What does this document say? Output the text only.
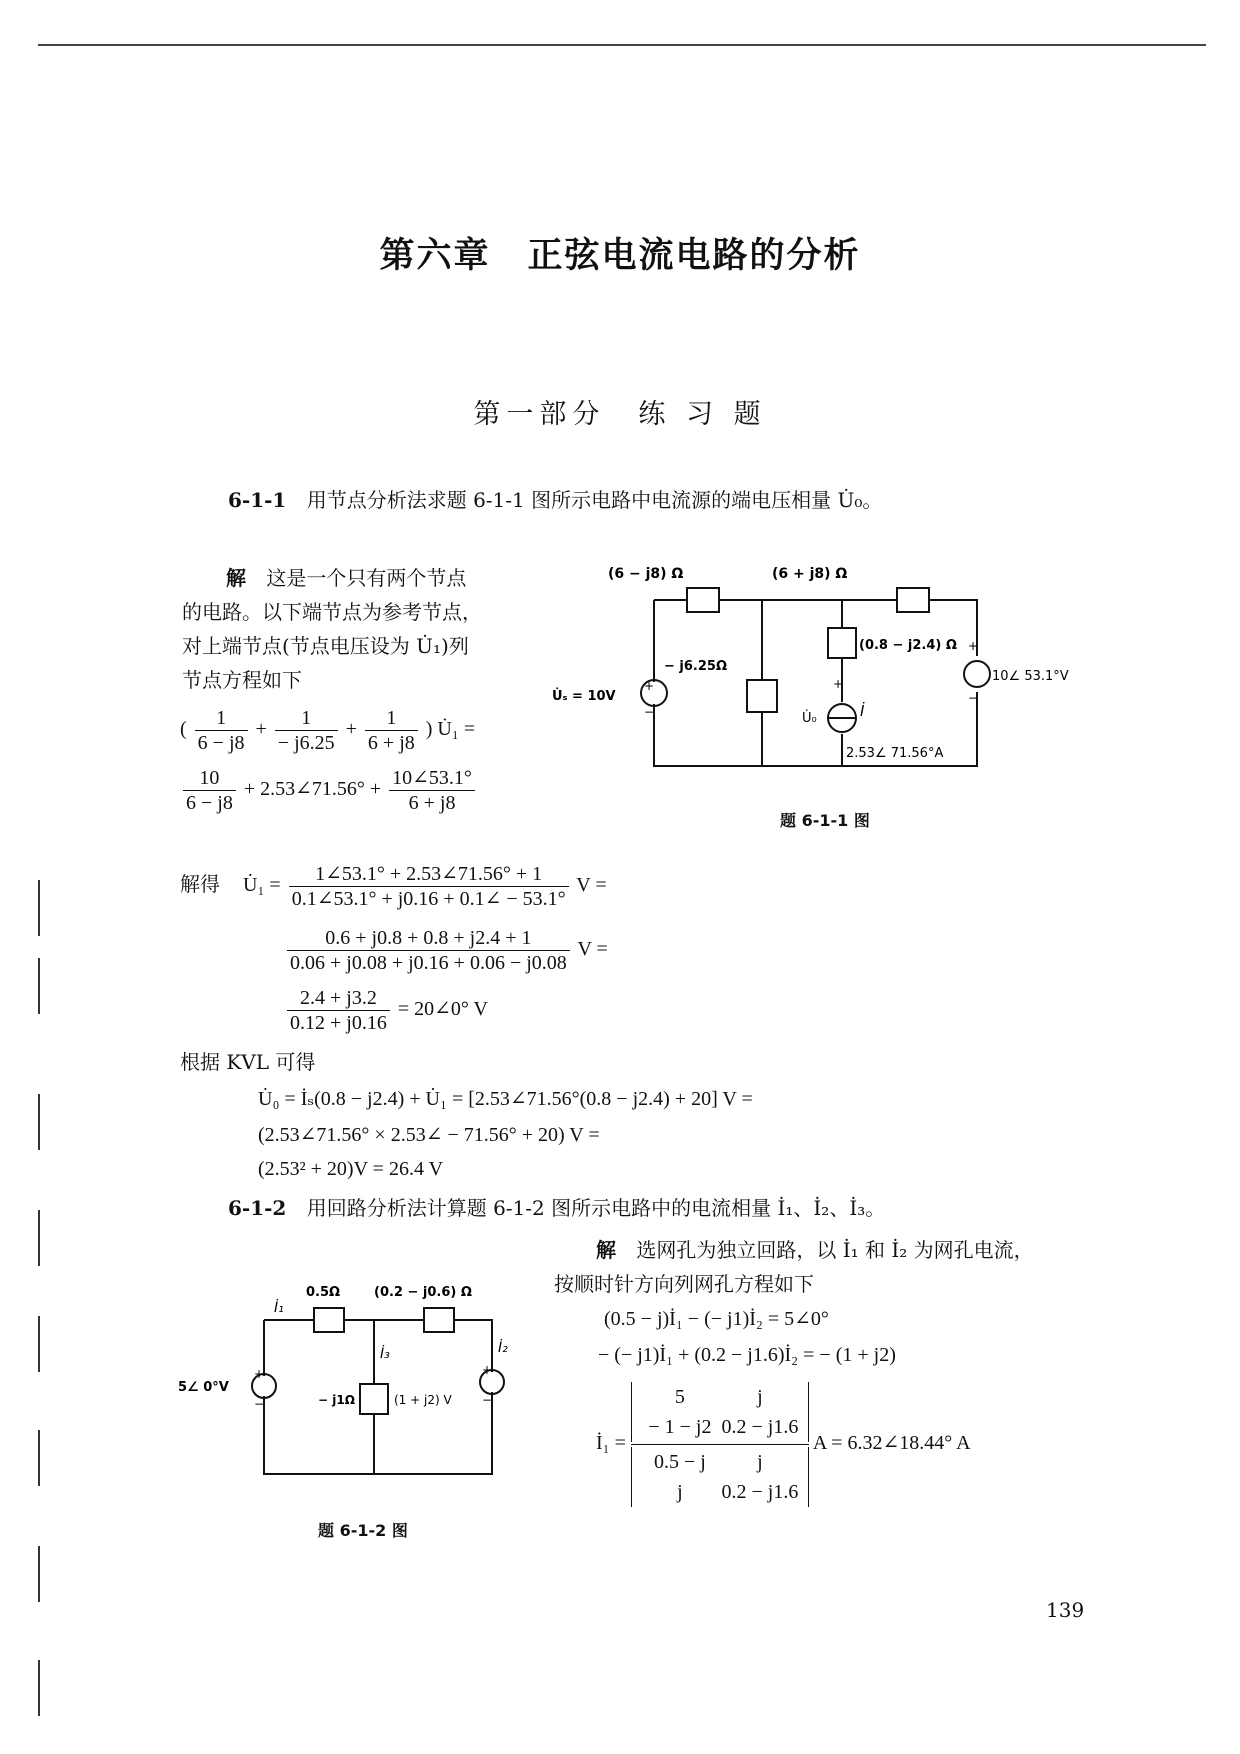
第六章　正弦电流电路的分析
第一部分　练 习 题
6-1-1 用节点分析法求题 6-1-1 图所示电路中电流源的端电压相量 U̇₀。
解 这是一个只有两个节点
的电路。以下端节点为参考节点，
对上端节点(节点电压设为 U̇₁)列
节点方程如下
( $\frac{1}{6 - j8} + \frac{1}{- j6.25} + \frac{1}{6 + j8}$ ) U̇₁ =
$\frac{10}{6 - j8}$ + 2.53∠71.56° + $\frac{10\angle 53.1^\circ}{6 + j8}$
(6 − j8) Ω	(6 + j8) Ω
(0.8 − j2.4) Ω
− j6.25Ω
U̇ₛ = 10V
10∠ 53.1°V
U̇₀	İ
2.53∠ 71.56°A
+
−
+
−
+
题 6-1-1 图
解得 U̇₁ = $\frac{1\angle 53.1^\circ + 2.53\angle 71.56^\circ + 1}{0.1\angle 53.1^\circ + j0.16 + 0.1\angle - 53.1^\circ}$ V =
$\frac{0.6 + j0.8 + 0.8 + j2.4 + 1}{0.06 + j0.08 + j0.16 + 0.06 - j0.08}$ V =
$\frac{2.4 + j3.2}{0.12 + j0.16}$ = 20∠0° V
根据 KVL 可得
U̇₀ = İₛ(0.8 − j2.4) + U̇₁ = [2.53∠71.56°(0.8 − j2.4) + 20] V =
(2.53∠71.56° × 2.53∠ − 71.56° + 20) V =
(2.53² + 20)V = 26.4 V
6-1-2 用回路分析法计算题 6-1-2 图所示电路中的电流相量 İ₁、İ₂、İ₃。
解 选网孔为独立回路，以 İ₁ 和 İ₂ 为网孔电流，
按顺时针方向列网孔方程如下
(0.5 − j)İ₁ − (− j1)İ₂ = 5∠0°
− (− j1)İ₁ + (0.2 − j1.6)İ₂ = − (1 + j2)
İ₁ = 5	j
− 1 − j2 0.2 − j1.6
0.5 − j	j
j	0.2 − j1.6 A = 6.32∠18.44° A
0.5Ω	(0.2 − j0.6) Ω
− j1Ω
5∠ 0°V
(1 + j2) V
İ₁
İ₂
İ₃
+
−
+
−
题 6-1-2 图
139
